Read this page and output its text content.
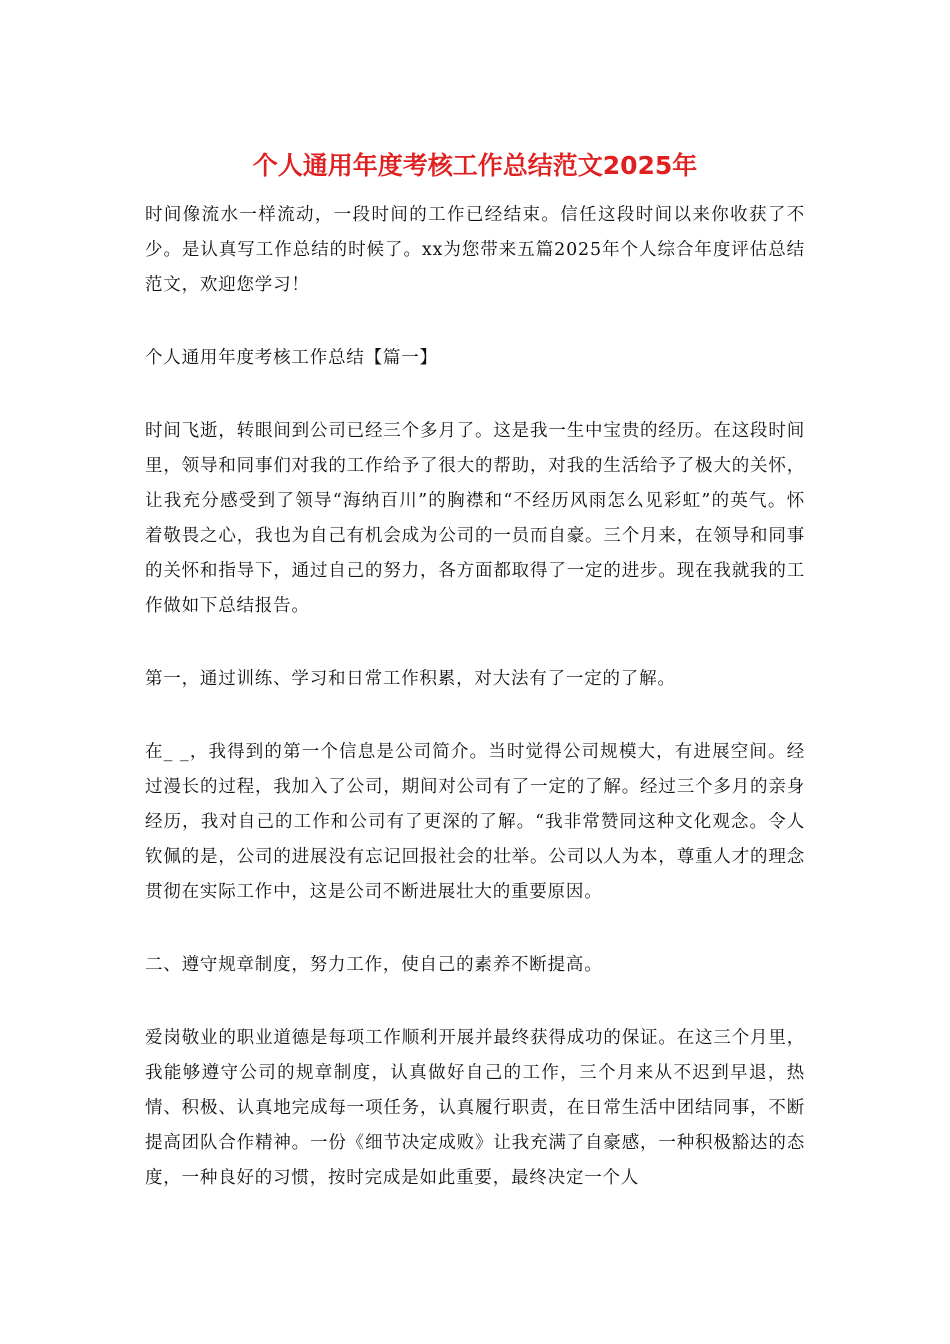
个人通用年度考核工作总结范文2025年

时间像流水一样流动，一段时间的工作已经结束。信任这段时间以来你收获了不少。是认真写工作总结的时候了。xx为您带来五篇2025年个人综合年度评估总结范文，欢迎您学习！

个人通用年度考核工作总结【篇一】

时间飞逝，转眼间到公司已经三个多月了。这是我一生中宝贵的经历。在这段时间里，领导和同事们对我的工作给予了很大的帮助，对我的生活给予了极大的关怀，让我充分感受到了领导“海纳百川”的胸襟和“不经历风雨怎么见彩虹”的英气。怀着敬畏之心，我也为自己有机会成为公司的一员而自豪。三个月来，在领导和同事的关怀和指导下，通过自己的努力，各方面都取得了一定的进步。现在我就我的工作做如下总结报告。

第一，通过训练、学习和日常工作积累，对大法有了一定的了解。

在_ _，我得到的第一个信息是公司简介。当时觉得公司规模大，有进展空间。经过漫长的过程，我加入了公司，期间对公司有了一定的了解。经过三个多月的亲身经历，我对自己的工作和公司有了更深的了解。“我非常赞同这种文化观念。令人钦佩的是，公司的进展没有忘记回报社会的壮举。公司以人为本，尊重人才的理念贯彻在实际工作中，这是公司不断进展壮大的重要原因。

二、遵守规章制度，努力工作，使自己的素养不断提高。

爱岗敬业的职业道德是每项工作顺利开展并最终获得成功的保证。在这三个月里，我能够遵守公司的规章制度，认真做好自己的工作，三个月来从不迟到早退，热情、积极、认真地完成每一项任务，认真履行职责，在日常生活中团结同事，不断提高团队合作精神。一份《细节决定成败》让我充满了自豪感，一种积极豁达的态度，一种良好的习惯，按时完成是如此重要，最终决定一个人
